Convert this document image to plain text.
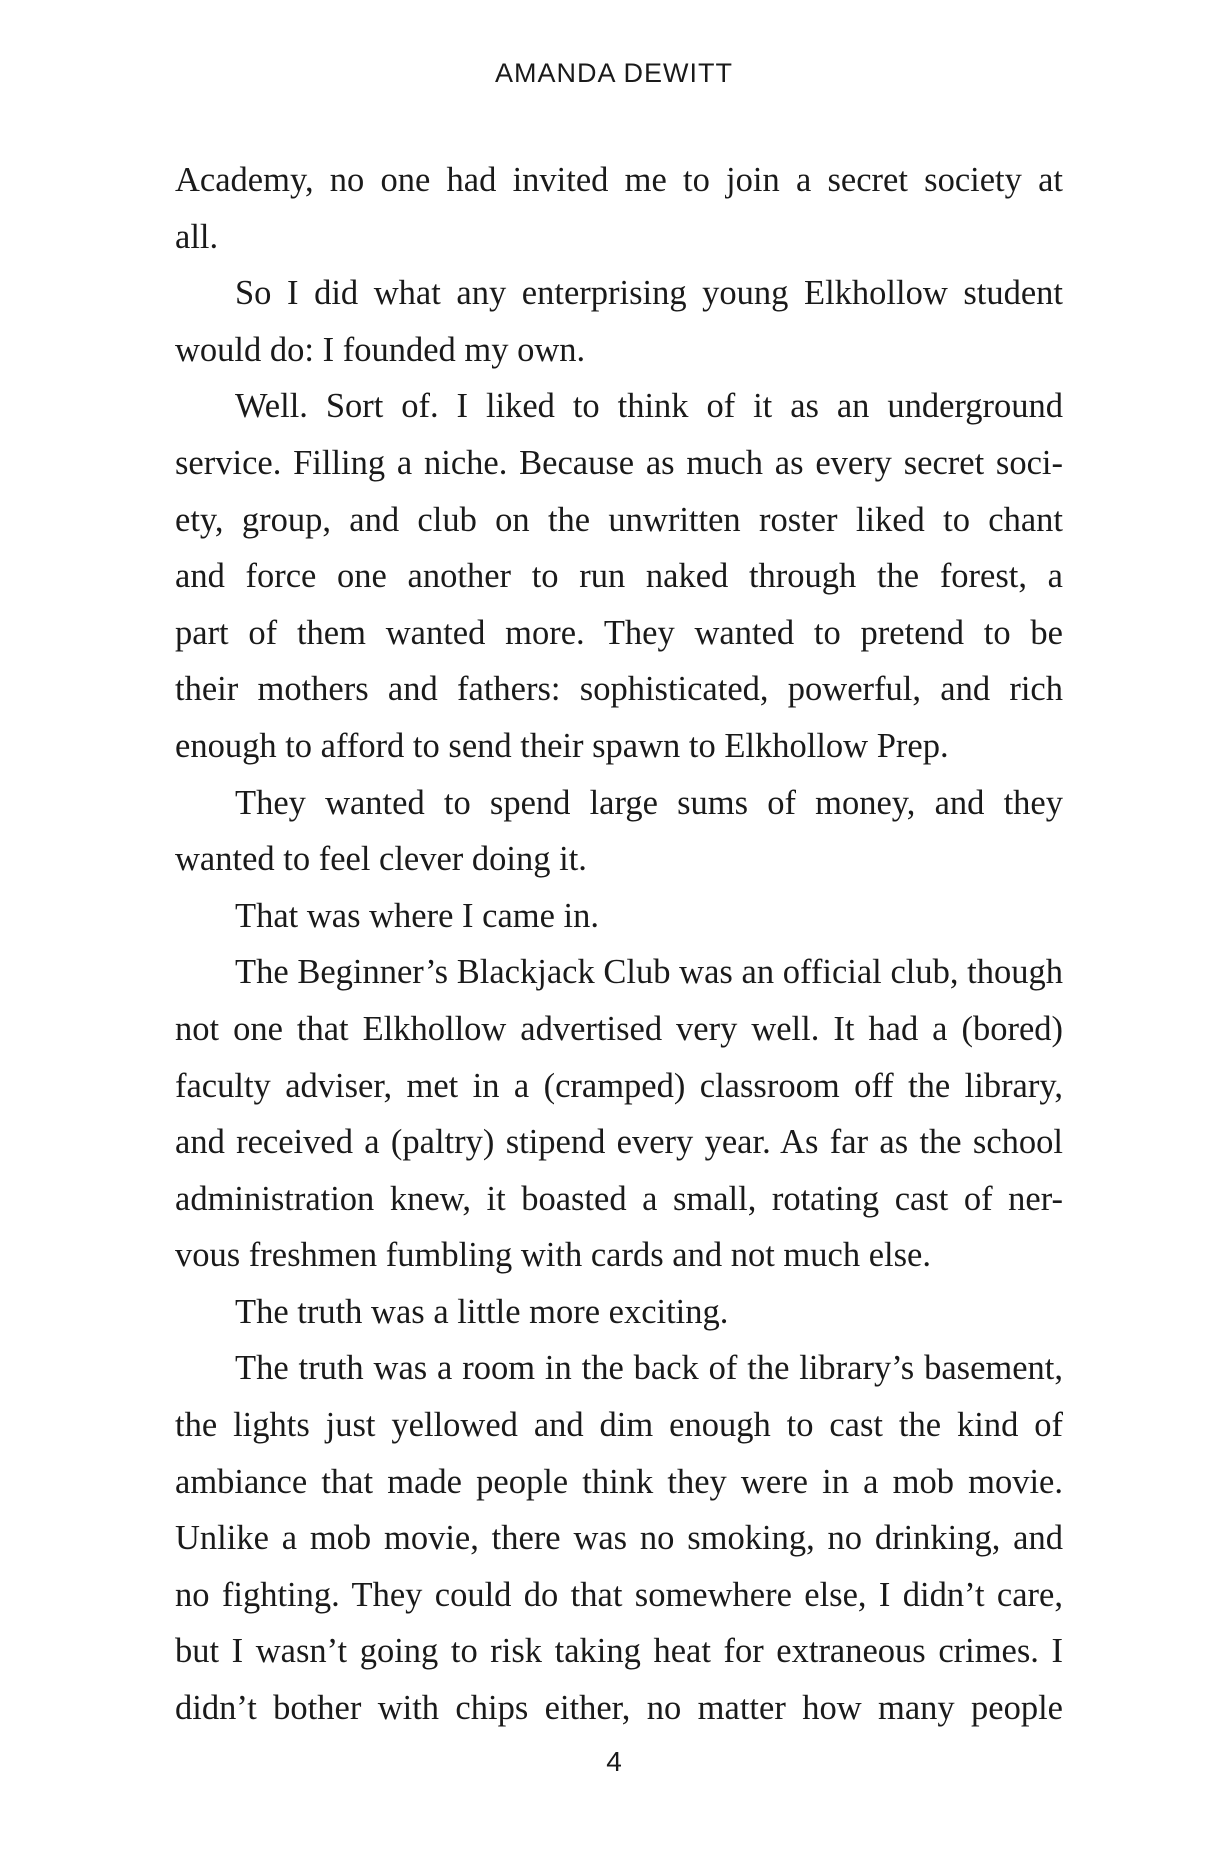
AMANDA DEWITT
Academy, no one had invited me to join a secret society at
all.
So I did what any enterprising young Elkhollow student
would do: I founded my own.
Well. Sort of. I liked to think of it as an underground
service. Filling a niche. Because as much as every secret soci-
ety, group, and club on the unwritten roster liked to chant
and force one another to run naked through the forest, a
part of them wanted more. They wanted to pretend to be
their mothers and fathers: sophisticated, powerful, and rich
enough to afford to send their spawn to Elkhollow Prep.
They wanted to spend large sums of money, and they
wanted to feel clever doing it.
That was where I came in.
The Beginner’s Blackjack Club was an official club, though
not one that Elkhollow advertised very well. It had a (bored)
faculty adviser, met in a (cramped) classroom off the library,
and received a (paltry) stipend every year. As far as the school
administration knew, it boasted a small, rotating cast of ner-
vous freshmen fumbling with cards and not much else.
The truth was a little more exciting.
The truth was a room in the back of the library’s basement,
the lights just yellowed and dim enough to cast the kind of
ambiance that made people think they were in a mob movie.
Unlike a mob movie, there was no smoking, no drinking, and
no fighting. They could do that somewhere else, I didn’t care,
but I wasn’t going to risk taking heat for extraneous crimes. I
didn’t bother with chips either, no matter how many people
4
